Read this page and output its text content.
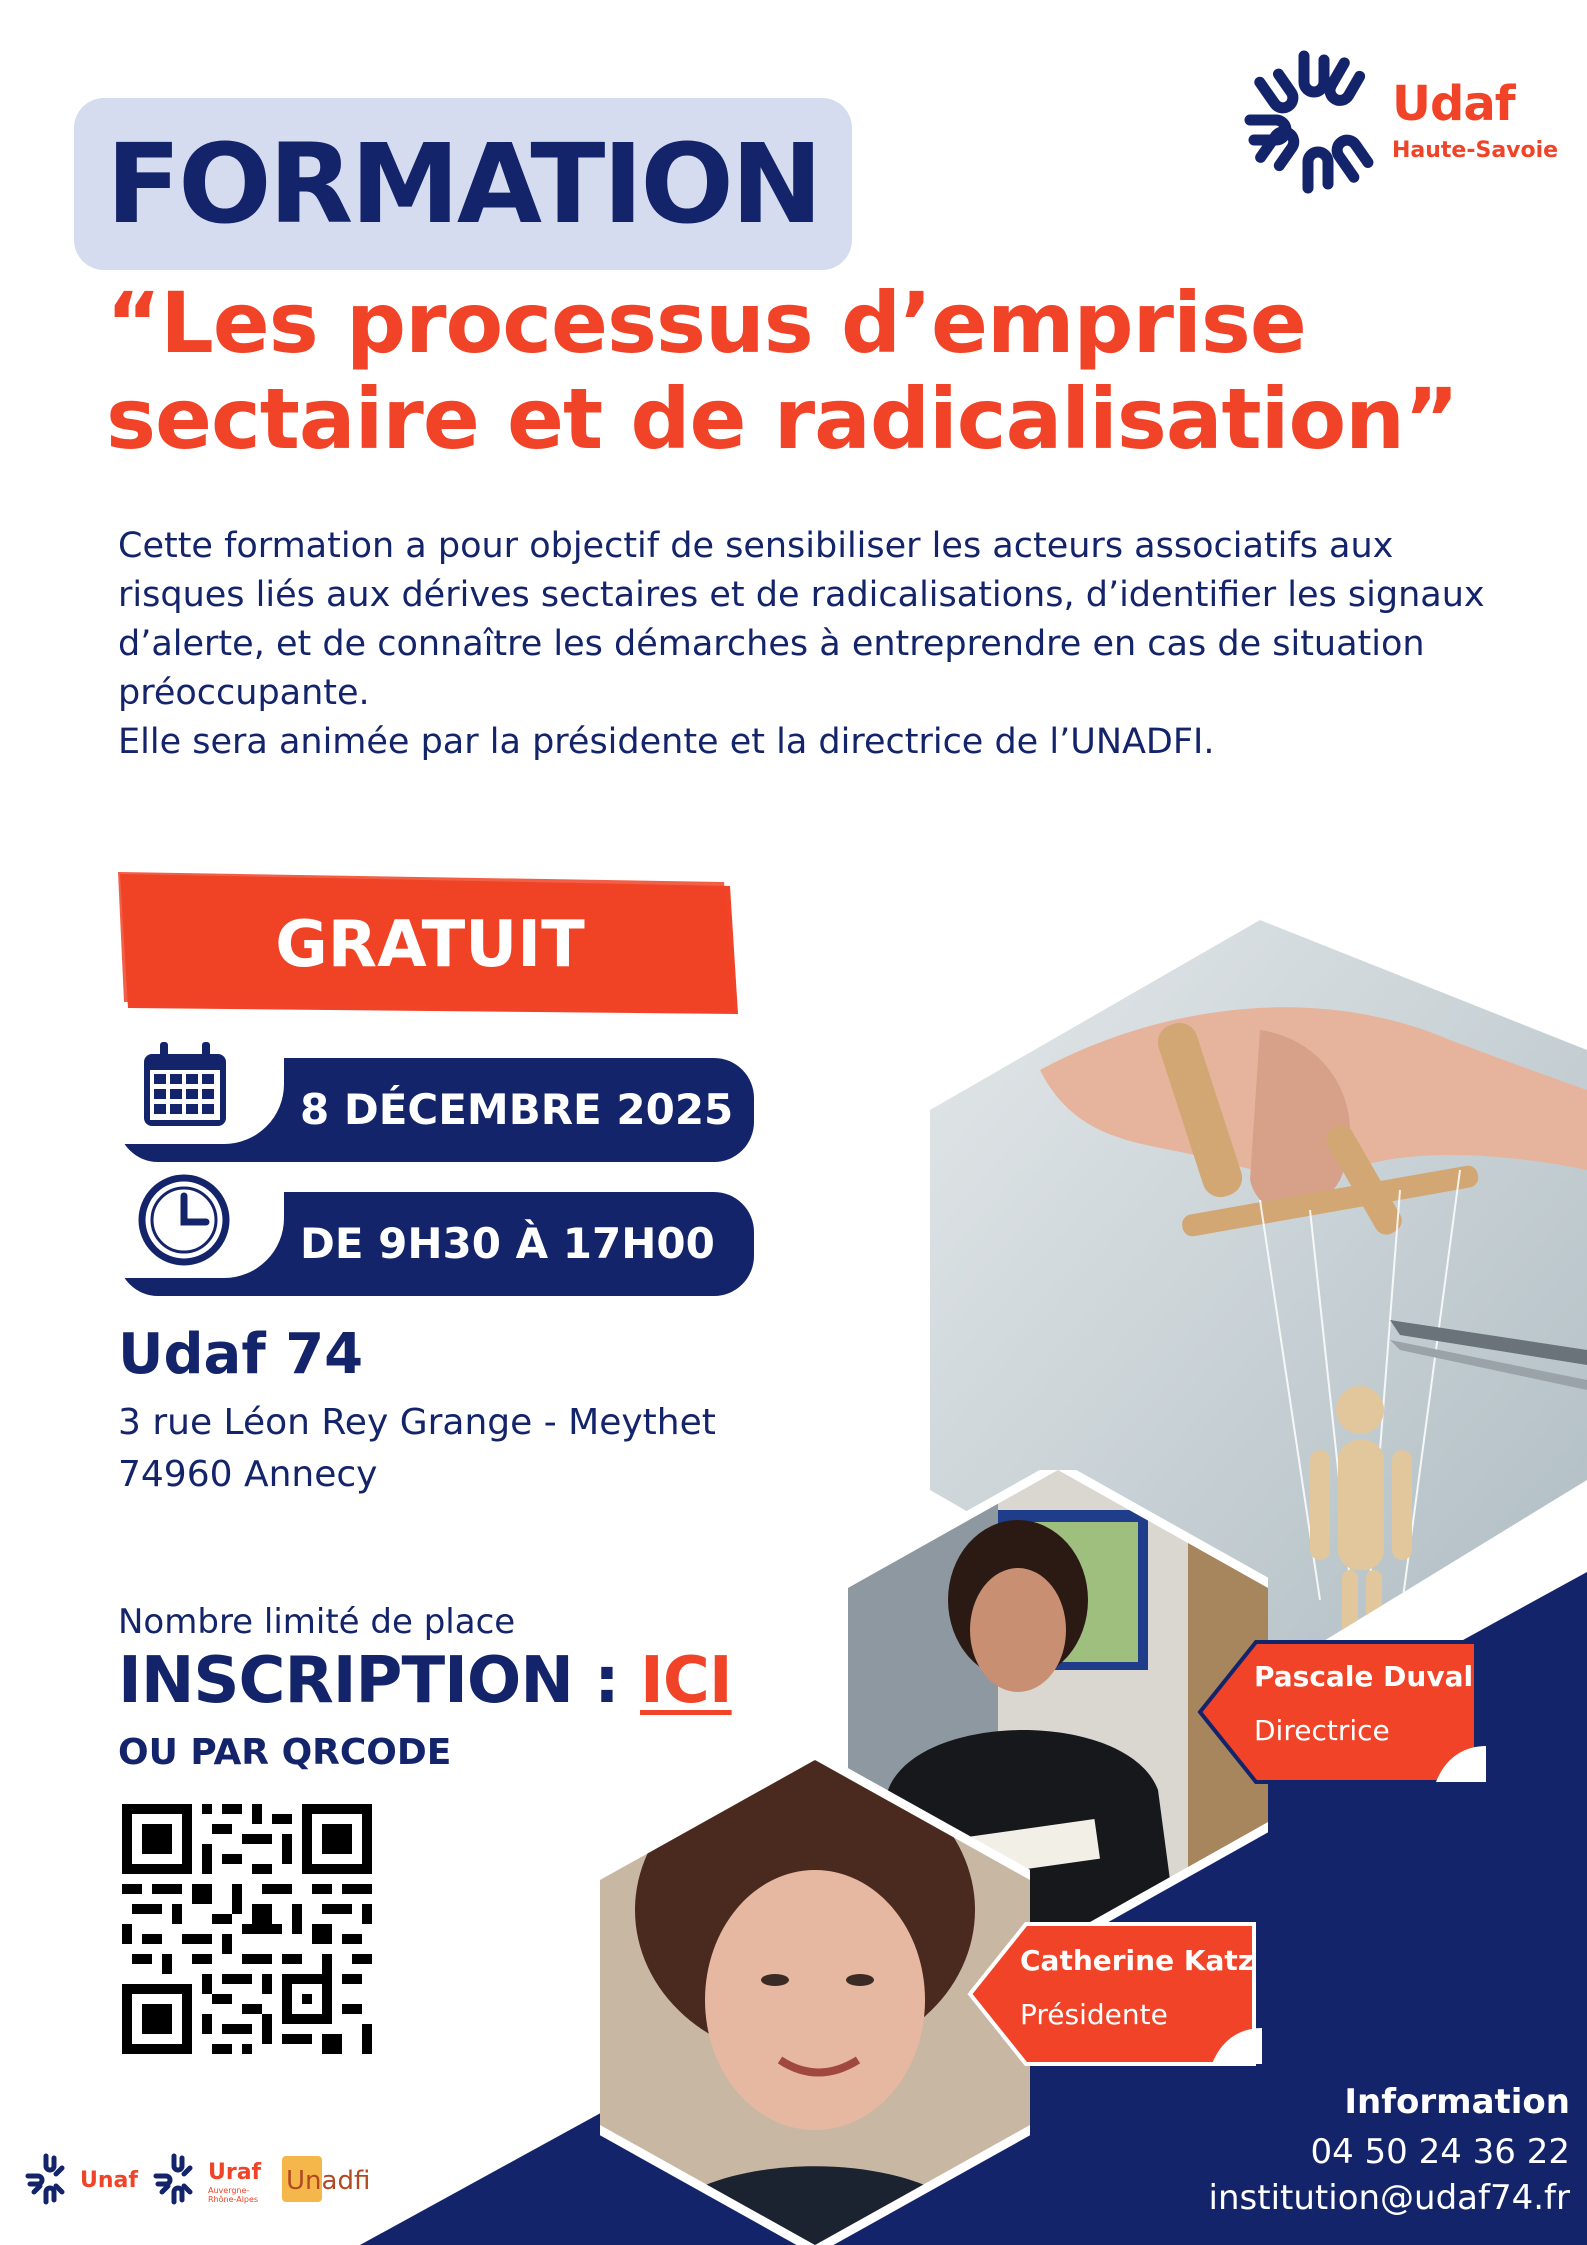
FORMATION
Udaf
Haute-Savoie
“Les processus d’emprise
sectaire et de radicalisation”

Cette formation a pour objectif de sensibiliser les acteurs associatifs aux risques liés aux dérives sectaires et de radicalisations, d’identifier les signaux d’alerte, et de connaître les démarches à entreprendre en cas de situation préoccupante.

Elle sera animée par la présidente et la directrice de l’UNADFI.

GRATUIT
8 DÉCEMBRE 2025
DE 9H30 À 17H00
Udaf 74
3 rue Léon Rey Grange - Meythet
74960 Annecy
Nombre limité de place
INSCRIPTION : ICI
OU PAR QRCODE
Pascale Duval
Directrice
Catherine Katz
Présidente
Information
04 50 24 36 22
institution@udaf74.fr
Unaf	Uraf
Auvergne-Rhône-Alpes
Unadfi
